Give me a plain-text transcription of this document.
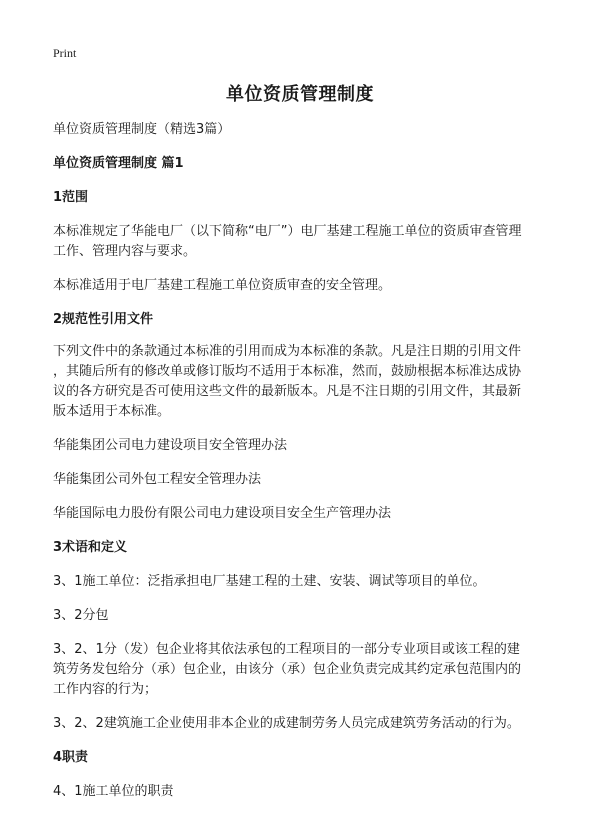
Print
单位资质管理制度

单位资质管理制度（精选3篇）

单位资质管理制度 篇1

1范围

本标准规定了华能电厂（以下简称“电厂”）电厂基建工程施工单位的资质审查管理

工作、管理内容与要求。

本标准适用于电厂基建工程施工单位资质审查的安全管理。

2规范性引用文件

下列文件中的条款通过本标准的引用而成为本标准的条款。凡是注日期的引用文件

，其随后所有的修改单或修订版均不适用于本标准，然而，鼓励根据本标准达成协

议的各方研究是否可使用这些文件的最新版本。凡是不注日期的引用文件，其最新

版本适用于本标准。

华能集团公司电力建设项目安全管理办法

华能集团公司外包工程安全管理办法

华能国际电力股份有限公司电力建设项目安全生产管理办法

3术语和定义

3、1施工单位：泛指承担电厂基建工程的土建、安装、调试等项目的单位。

3、2分包

3、2、1分（发）包企业将其依法承包的工程项目的一部分专业项目或该工程的建

筑劳务发包给分（承）包企业，由该分（承）包企业负责完成其约定承包范围内的

工作内容的行为；

3、2、2建筑施工企业使用非本企业的成建制劳务人员完成建筑劳务活动的行为。

4职责

4、1施工单位的职责
